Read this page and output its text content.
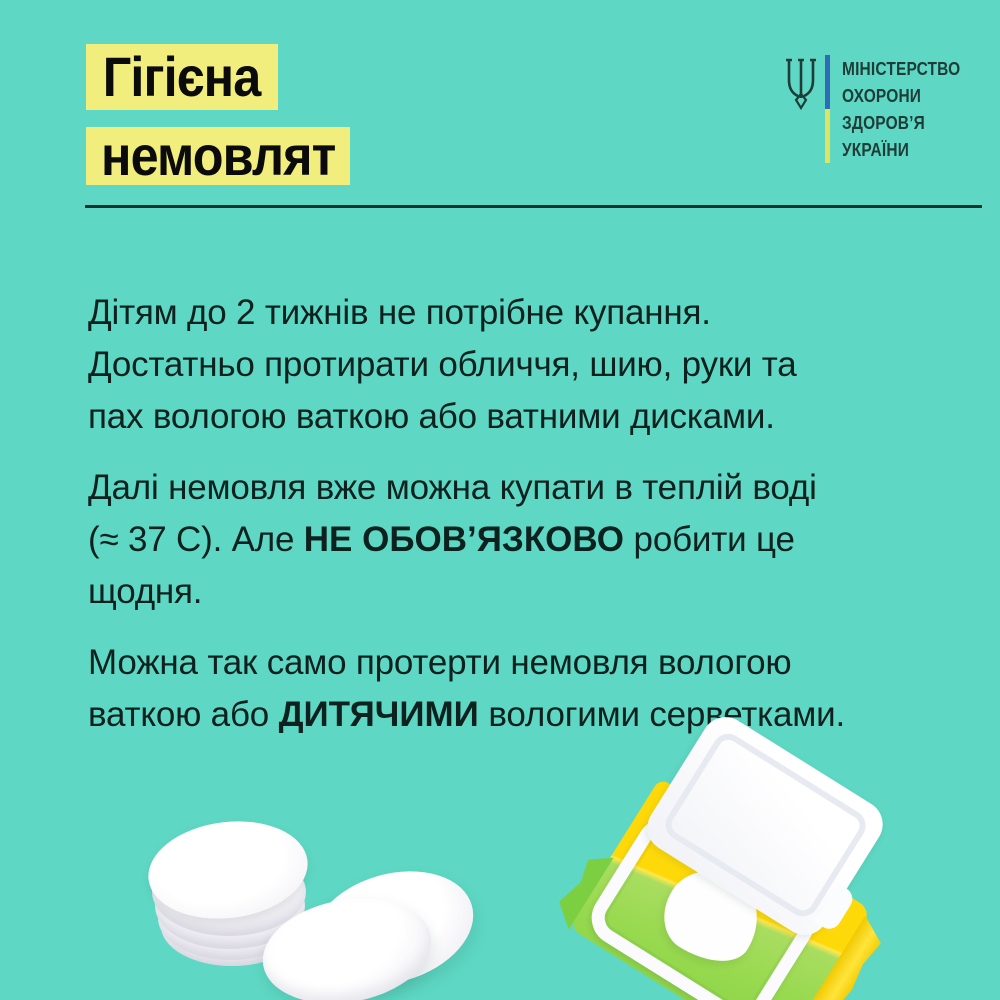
Гігієна
немовлят
МІНІСТЕРСТВО
ОХОРОНИ
ЗДОРОВ’Я
УКРАЇНИ
Дітям до 2 тижнів не потрібне купання.
Достатньо протирати обличчя, шию, руки та
пах вологою ваткою або ватними дисками.
Далі немовля вже можна купати в теплій воді
(≈ 37 С). Але НЕ ОБОВ’ЯЗКОВО робити це
щодня.
Можна так само протерти немовля вологою
ваткою або ДИТЯЧИМИ вологими серветками.
